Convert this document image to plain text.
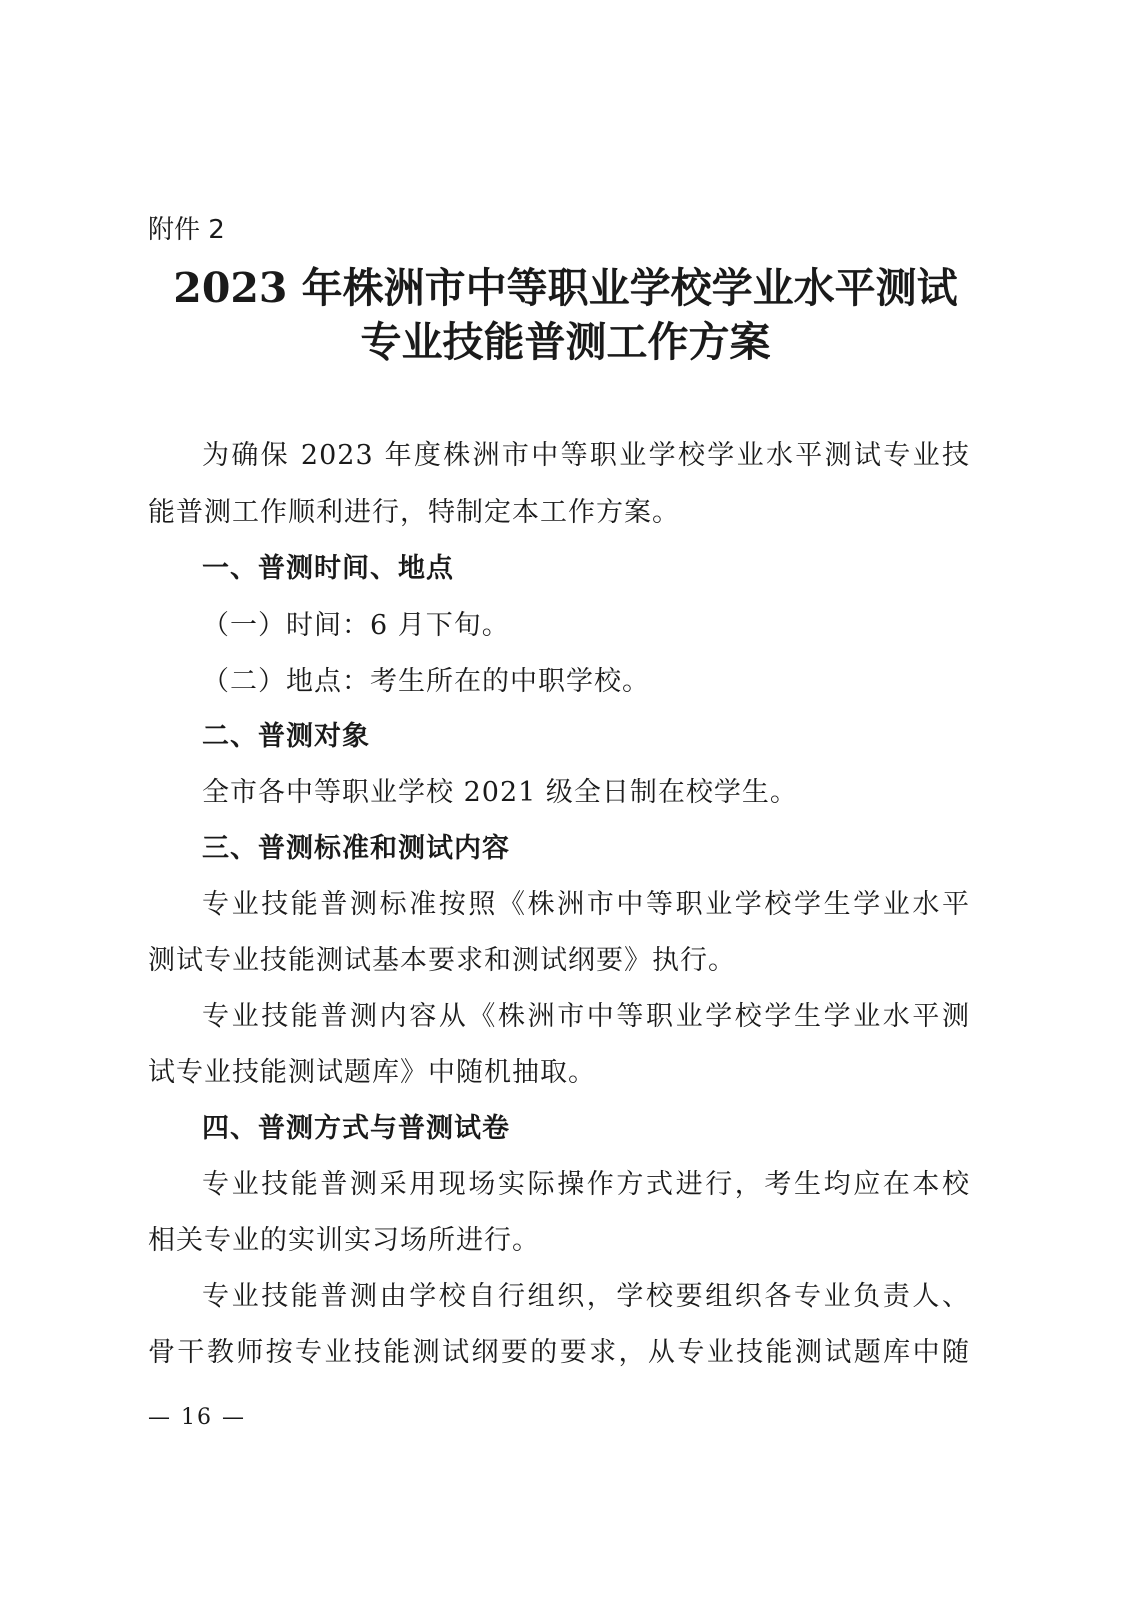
附件 2

2023 年株洲市中等职业学校学业水平测试
专业技能普测工作方案

为确保 2023 年度株洲市中等职业学校学业水平测试专业技

能普测工作顺利进行，特制定本工作方案。

一、普测时间、地点

（一）时间：6 月下旬。

（二）地点：考生所在的中职学校。

二、普测对象

全市各中等职业学校 2021 级全日制在校学生。

三、普测标准和测试内容

专业技能普测标准按照《株洲市中等职业学校学生学业水平

测试专业技能测试基本要求和测试纲要》执行。

专业技能普测内容从《株洲市中等职业学校学生学业水平测

试专业技能测试题库》中随机抽取。

四、普测方式与普测试卷

专业技能普测采用现场实际操作方式进行，考生均应在本校

相关专业的实训实习场所进行。

专业技能普测由学校自行组织，学校要组织各专业负责人、

骨干教师按专业技能测试纲要的要求，从专业技能测试题库中随

— 16 —
